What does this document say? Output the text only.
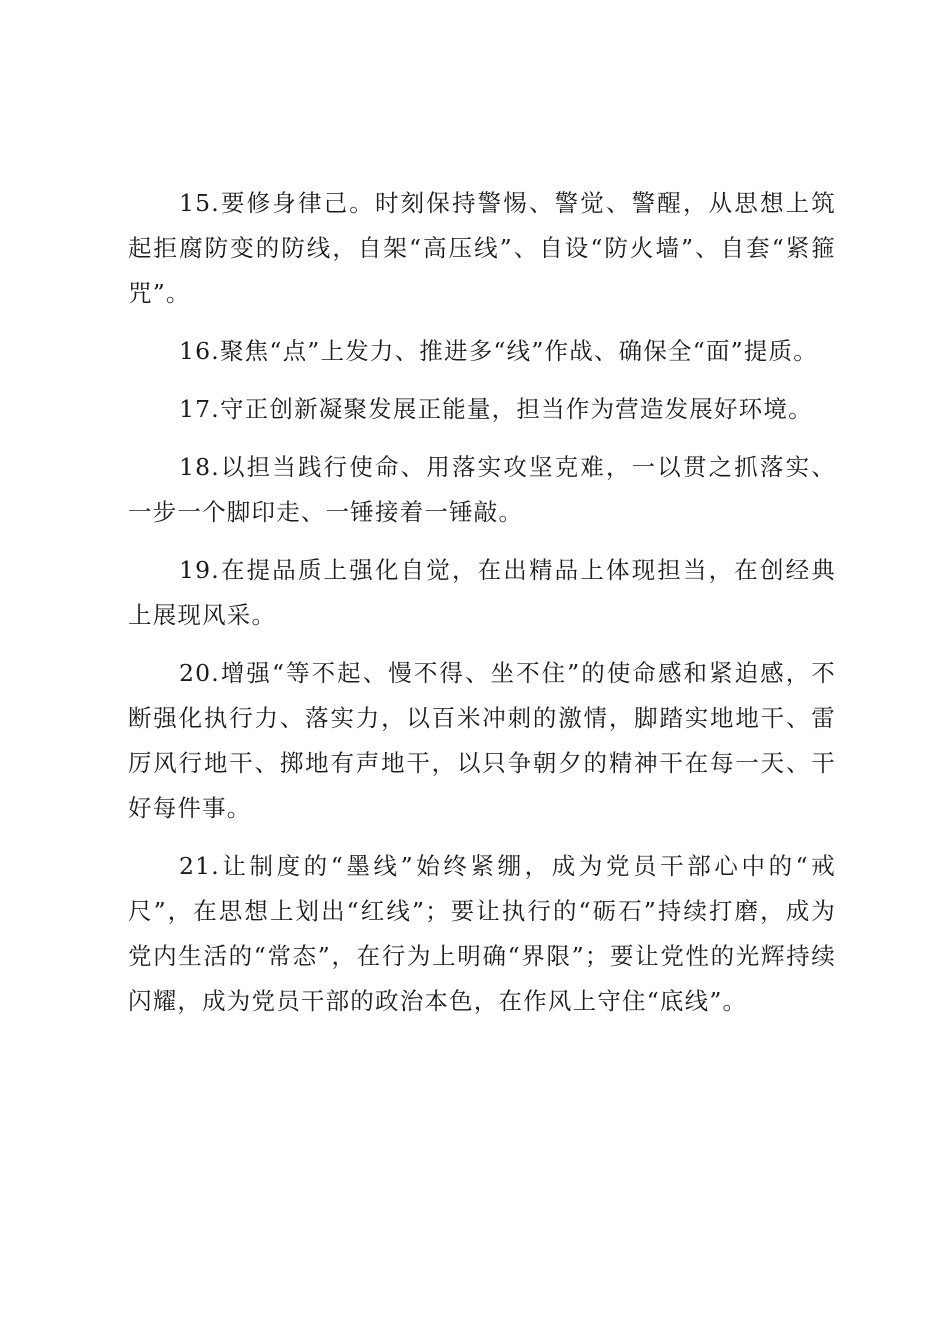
15.要修身律己。时刻保持警惕、警觉、警醒，从思想上筑起拒腐防变的防线，自架“高压线”、自设“防火墙”、自套“紧箍咒”。

16.聚焦“点”上发力、推进多“线”作战、确保全“面”提质。

17.守正创新凝聚发展正能量，担当作为营造发展好环境。

18.以担当践行使命、用落实攻坚克难，一以贯之抓落实、一步一个脚印走、一锤接着一锤敲。

19.在提品质上强化自觉，在出精品上体现担当，在创经典上展现风采。

20.增强“等不起、慢不得、坐不住”的使命感和紧迫感，不断强化执行力、落实力，以百米冲刺的激情，脚踏实地地干、雷厉风行地干、掷地有声地干，以只争朝夕的精神干在每一天、干好每件事。

21.让制度的“墨线”始终紧绷，成为党员干部心中的“戒尺”，在思想上划出“红线”；要让执行的“砺石”持续打磨，成为党内生活的“常态”，在行为上明确“界限”；要让党性的光辉持续闪耀，成为党员干部的政治本色，在作风上守住“底线”。
